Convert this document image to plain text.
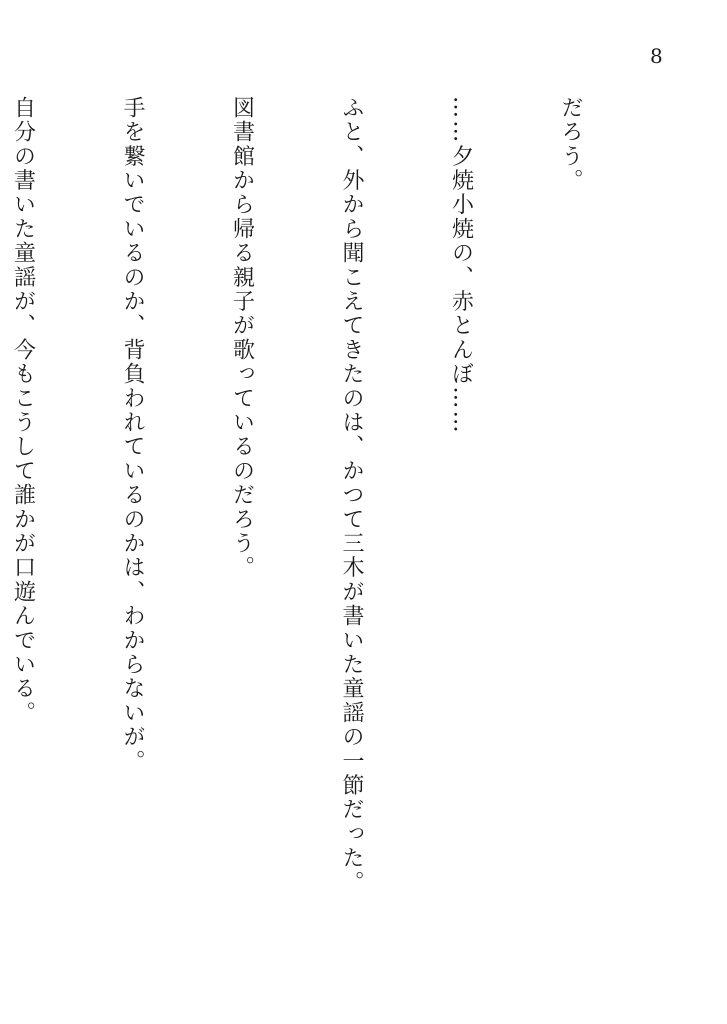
8

だろう。

……夕焼小焼の、赤とんぼ……

ふと、外から聞こえてきたのは、かつて三木が書いた童謡の一節だった。

図書館から帰る親子が歌っているのだろう。

手を繋いでいるのか、背負われているのかは、わからないが。

自分の書いた童謡が、今もこうして誰かが口遊んでいる。
